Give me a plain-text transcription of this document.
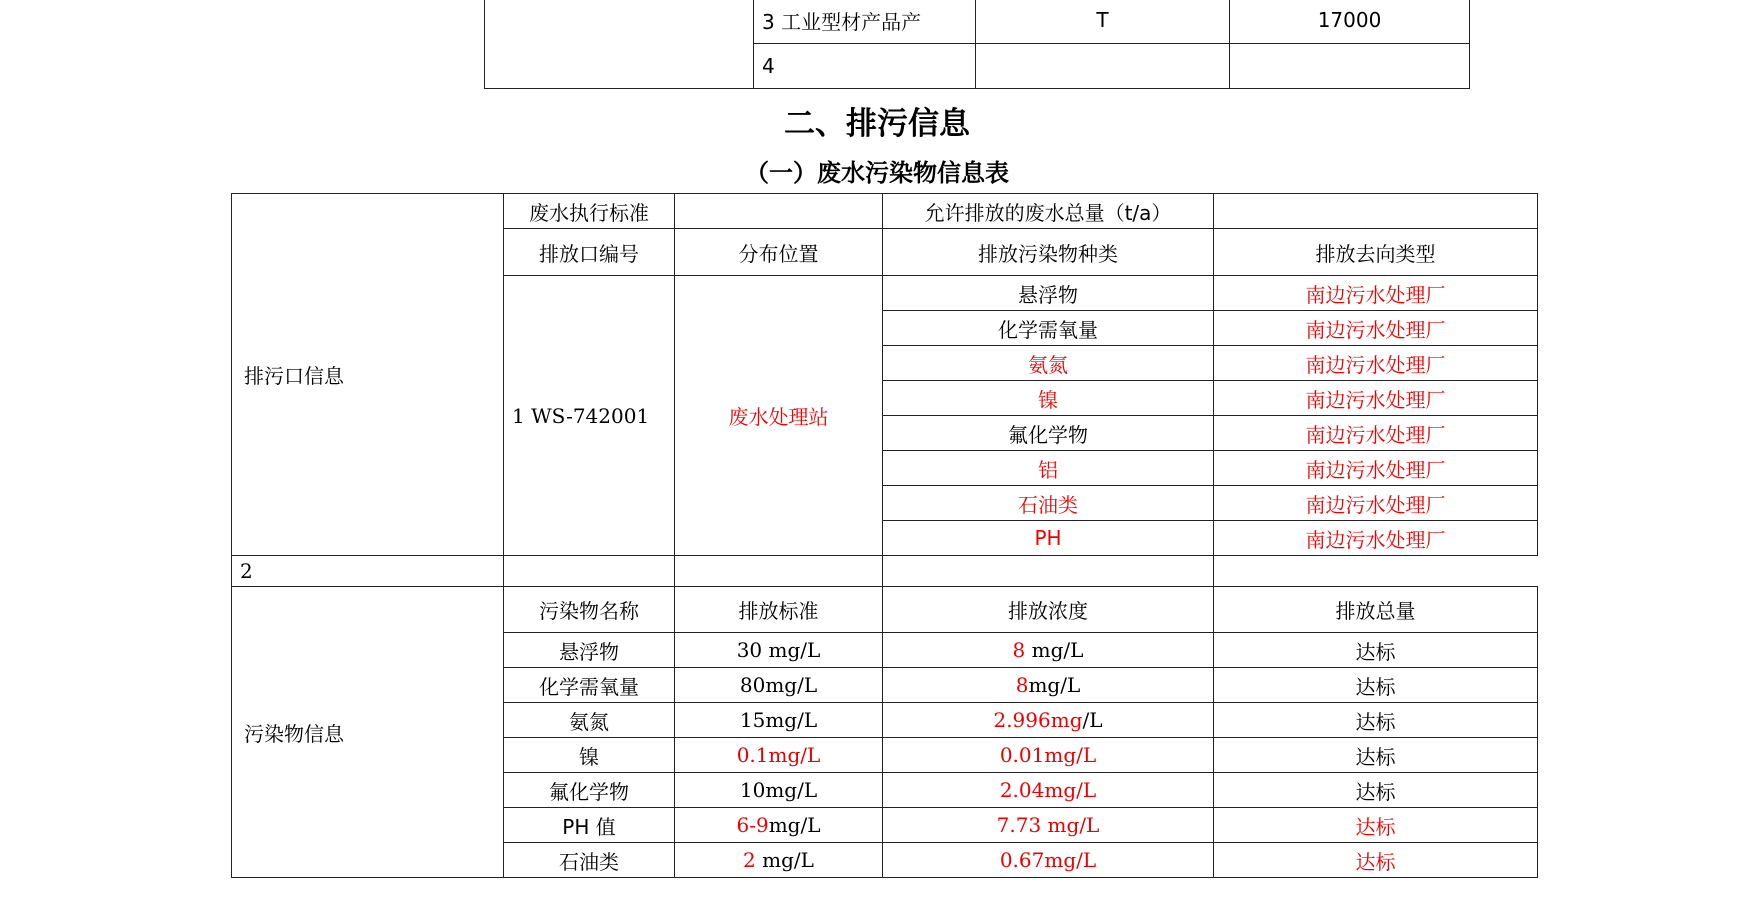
	3 工业型材产品产	T	17000
	4		
二、排污信息
（一）废水污染物信息表
排污口信息	废水执行标准		允许排放的废水总量（t/a）	
	排放口编号	分布位置	排放污染物种类	排放去向类型
	1 WS-742001	废水处理站	悬浮物	南边污水处理厂
			化学需氧量	南边污水处理厂
			氨氮	南边污水处理厂
			镍	南边污水处理厂
			氟化学物	南边污水处理厂
			铝	南边污水处理厂
			石油类	南边污水处理厂
			PH	南边污水处理厂
2				
污染物信息	污染物名称	排放标准	排放浓度	排放总量
	悬浮物	30 mg/L	8 mg/L	达标
	化学需氧量	80mg/L	8mg/L	达标
	氨氮	15mg/L	2.996mg/L	达标
	镍	0.1mg/L	0.01mg/L	达标
	氟化学物	10mg/L	2.04mg/L	达标
	PH 值	6-9mg/L	7.73 mg/L	达标
	石油类	2 mg/L	0.67mg/L	达标
